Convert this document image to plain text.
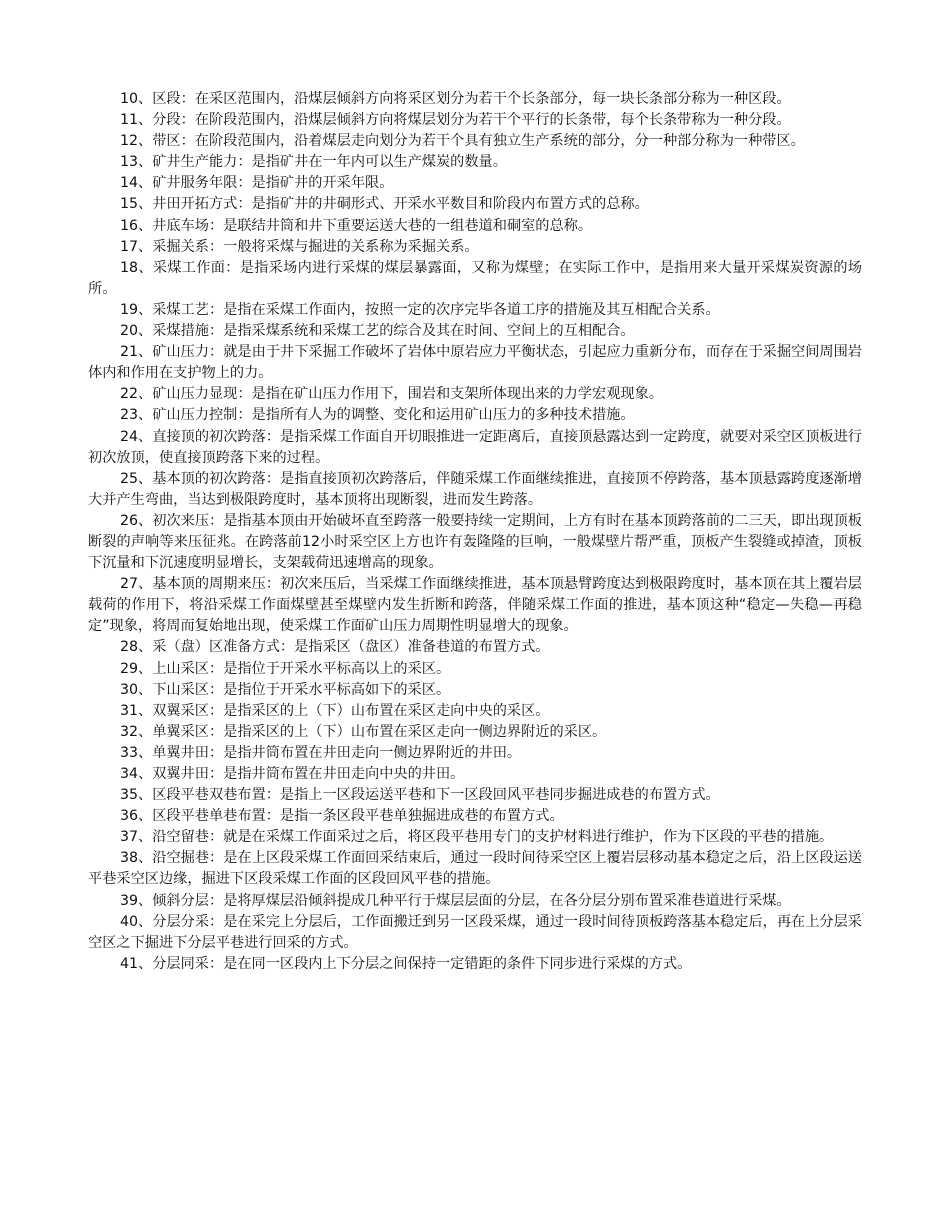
10、区段：在采区范围内，沿煤层倾斜方向将采区划分为若干个长条部分，每一块长条部分称为一种区段。

11、分段：在阶段范围内，沿煤层倾斜方向将煤层划分为若干个平行的长条带，每个长条带称为一种分段。

12、带区：在阶段范围内，沿着煤层走向划分为若干个具有独立生产系统的部分，分一种部分称为一种带区。

13、矿井生产能力：是指矿井在一年内可以生产煤炭的数量。

14、矿井服务年限：是指矿井的开采年限。

15、井田开拓方式：是指矿井的井硐形式、开采水平数目和阶段内布置方式的总称。

16、井底车场：是联结井筒和井下重要运送大巷的一组巷道和硐室的总称。

17、采掘关系：一般将采煤与掘进的关系称为采掘关系。

18、采煤工作面：是指采场内进行采煤的煤层暴露面，又称为煤壁；在实际工作中，是指用来大量开采煤炭资源的场所。

19、采煤工艺：是指在采煤工作面内，按照一定的次序完毕各道工序的措施及其互相配合关系。

20、采煤措施：是指采煤系统和采煤工艺的综合及其在时间、空间上的互相配合。

21、矿山压力：就是由于井下采掘工作破坏了岩体中原岩应力平衡状态，引起应力重新分布，而存在于采掘空间周围岩体内和作用在支护物上的力。

22、矿山压力显现：是指在矿山压力作用下，围岩和支架所体现出来的力学宏观现象。

23、矿山压力控制：是指所有人为的调整、变化和运用矿山压力的多种技术措施。

24、直接顶的初次跨落：是指采煤工作面自开切眼推进一定距离后，直接顶悬露达到一定跨度，就要对采空区顶板进行初次放顶，使直接顶跨落下来的过程。

25、基本顶的初次跨落：是指直接顶初次跨落后，伴随采煤工作面继续推进，直接顶不停跨落，基本顶悬露跨度逐渐增大并产生弯曲，当达到极限跨度时，基本顶将出现断裂，进而发生跨落。

26、初次来压：是指基本顶由开始破坏直至跨落一般要持续一定期间，上方有时在基本顶跨落前的二三天，即出现顶板断裂的声响等来压征兆。在跨落前12小时采空区上方也许有轰隆隆的巨响，一般煤壁片帮严重，顶板产生裂缝或掉渣，顶板下沉量和下沉速度明显增长，支架载荷迅速增高的现象。

27、基本顶的周期来压：初次来压后，当采煤工作面继续推进，基本顶悬臂跨度达到极限跨度时，基本顶在其上覆岩层载荷的作用下，将沿采煤工作面煤壁甚至煤壁内发生折断和跨落，伴随采煤工作面的推进，基本顶这种“稳定—失稳—再稳定”现象，将周而复始地出现，使采煤工作面矿山压力周期性明显增大的现象。

28、采（盘）区准备方式：是指采区（盘区）准备巷道的布置方式。

29、上山采区：是指位于开采水平标高以上的采区。

30、下山采区：是指位于开采水平标高如下的采区。

31、双翼采区：是指采区的上（下）山布置在采区走向中央的采区。

32、单翼采区：是指采区的上（下）山布置在采区走向一侧边界附近的采区。

33、单翼井田：是指井筒布置在井田走向一侧边界附近的井田。

34、双翼井田：是指井筒布置在井田走向中央的井田。

35、区段平巷双巷布置：是指上一区段运送平巷和下一区段回风平巷同步掘进成巷的布置方式。

36、区段平巷单巷布置：是指一条区段平巷单独掘进成巷的布置方式。

37、沿空留巷：就是在采煤工作面采过之后，将区段平巷用专门的支护材料进行维护，作为下区段的平巷的措施。

38、沿空掘巷：是在上区段采煤工作面回采结束后，通过一段时间待采空区上覆岩层移动基本稳定之后，沿上区段运送平巷采空区边缘，掘进下区段采煤工作面的区段回风平巷的措施。

39、倾斜分层：是将厚煤层沿倾斜提成几种平行于煤层层面的分层，在各分层分别布置采准巷道进行采煤。

40、分层分采：是在采完上分层后，工作面搬迁到另一区段采煤，通过一段时间待顶板跨落基本稳定后，再在上分层采空区之下掘进下分层平巷进行回采的方式。

41、分层同采：是在同一区段内上下分层之间保持一定错距的条件下同步进行采煤的方式。
